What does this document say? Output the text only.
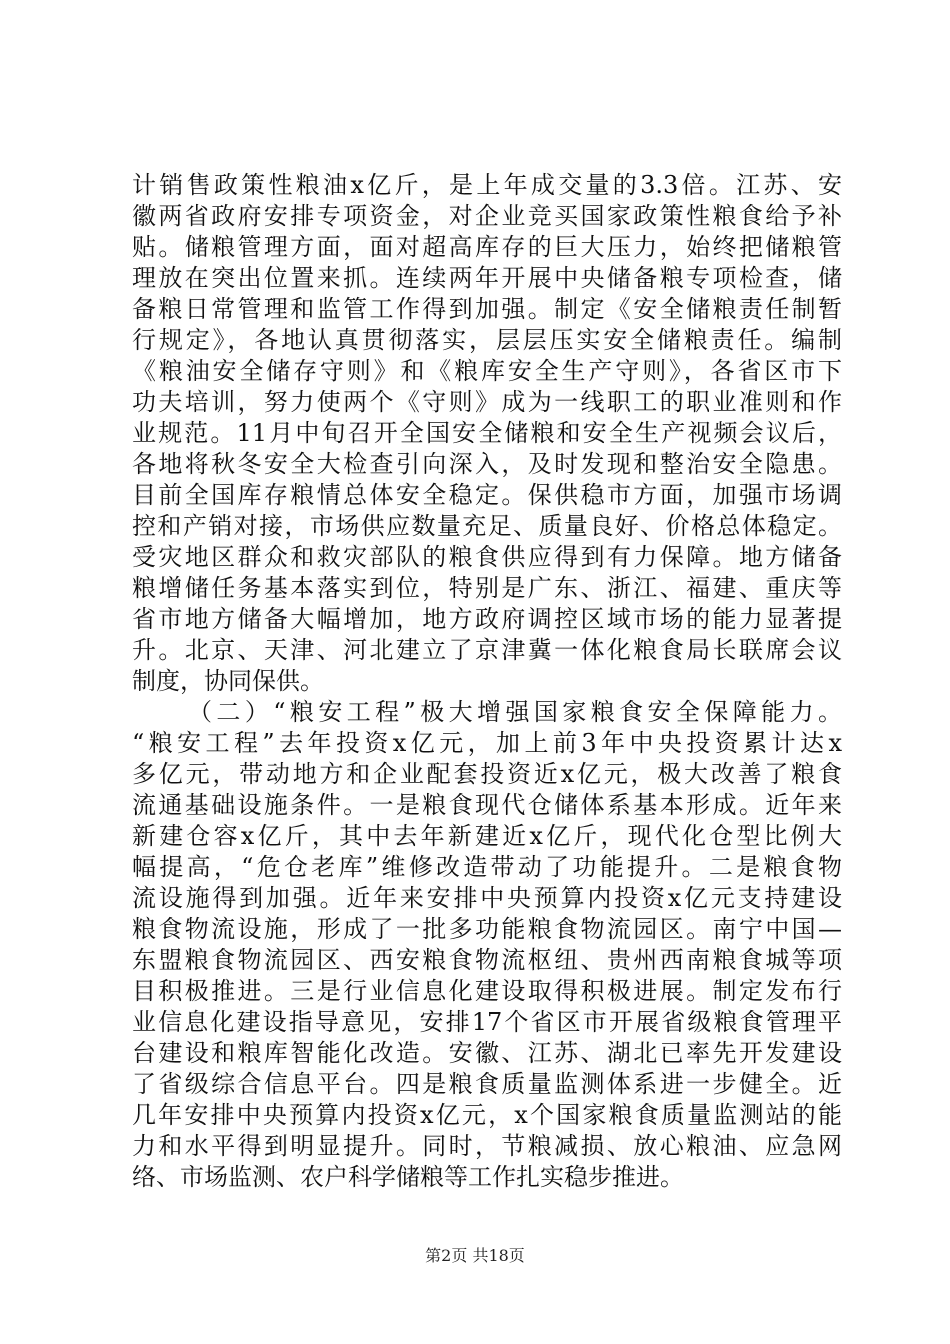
计销售政策性粮油x亿斤，是上年成交量的3.3倍。江苏、安
徽两省政府安排专项资金，对企业竞买国家政策性粮食给予补
贴。储粮管理方面，面对超高库存的巨大压力，始终把储粮管
理放在突出位置来抓。连续两年开展中央储备粮专项检查，储
备粮日常管理和监管工作得到加强。制定《安全储粮责任制暂
行规定》，各地认真贯彻落实，层层压实安全储粮责任。编制
《粮油安全储存守则》和《粮库安全生产守则》，各省区市下
功夫培训，努力使两个《守则》成为一线职工的职业准则和作
业规范。11月中旬召开全国安全储粮和安全生产视频会议后，
各地将秋冬安全大检查引向深入，及时发现和整治安全隐患。
目前全国库存粮情总体安全稳定。保供稳市方面，加强市场调
控和产销对接，市场供应数量充足、质量良好、价格总体稳定。
受灾地区群众和救灾部队的粮食供应得到有力保障。地方储备
粮增储任务基本落实到位，特别是广东、浙江、福建、重庆等
省市地方储备大幅增加，地方政府调控区域市场的能力显著提
升。北京、天津、河北建立了京津冀一体化粮食局长联席会议
制度，协同保供。
（二）“粮安工程”极大增强国家粮食安全保障能力。
“粮安工程”去年投资x亿元，加上前3年中央投资累计达x
多亿元，带动地方和企业配套投资近x亿元，极大改善了粮食
流通基础设施条件。一是粮食现代仓储体系基本形成。近年来
新建仓容x亿斤，其中去年新建近x亿斤，现代化仓型比例大
幅提高，“危仓老库”维修改造带动了功能提升。二是粮食物
流设施得到加强。近年来安排中央预算内投资x亿元支持建设
粮食物流设施，形成了一批多功能粮食物流园区。南宁中国—
东盟粮食物流园区、西安粮食物流枢纽、贵州西南粮食城等项
目积极推进。三是行业信息化建设取得积极进展。制定发布行
业信息化建设指导意见，安排17个省区市开展省级粮食管理平
台建设和粮库智能化改造。安徽、江苏、湖北已率先开发建设
了省级综合信息平台。四是粮食质量监测体系进一步健全。近
几年安排中央预算内投资x亿元，x个国家粮食质量监测站的能
力和水平得到明显提升。同时，节粮减损、放心粮油、应急网
络、市场监测、农户科学储粮等工作扎实稳步推进。
第2页 共18页
